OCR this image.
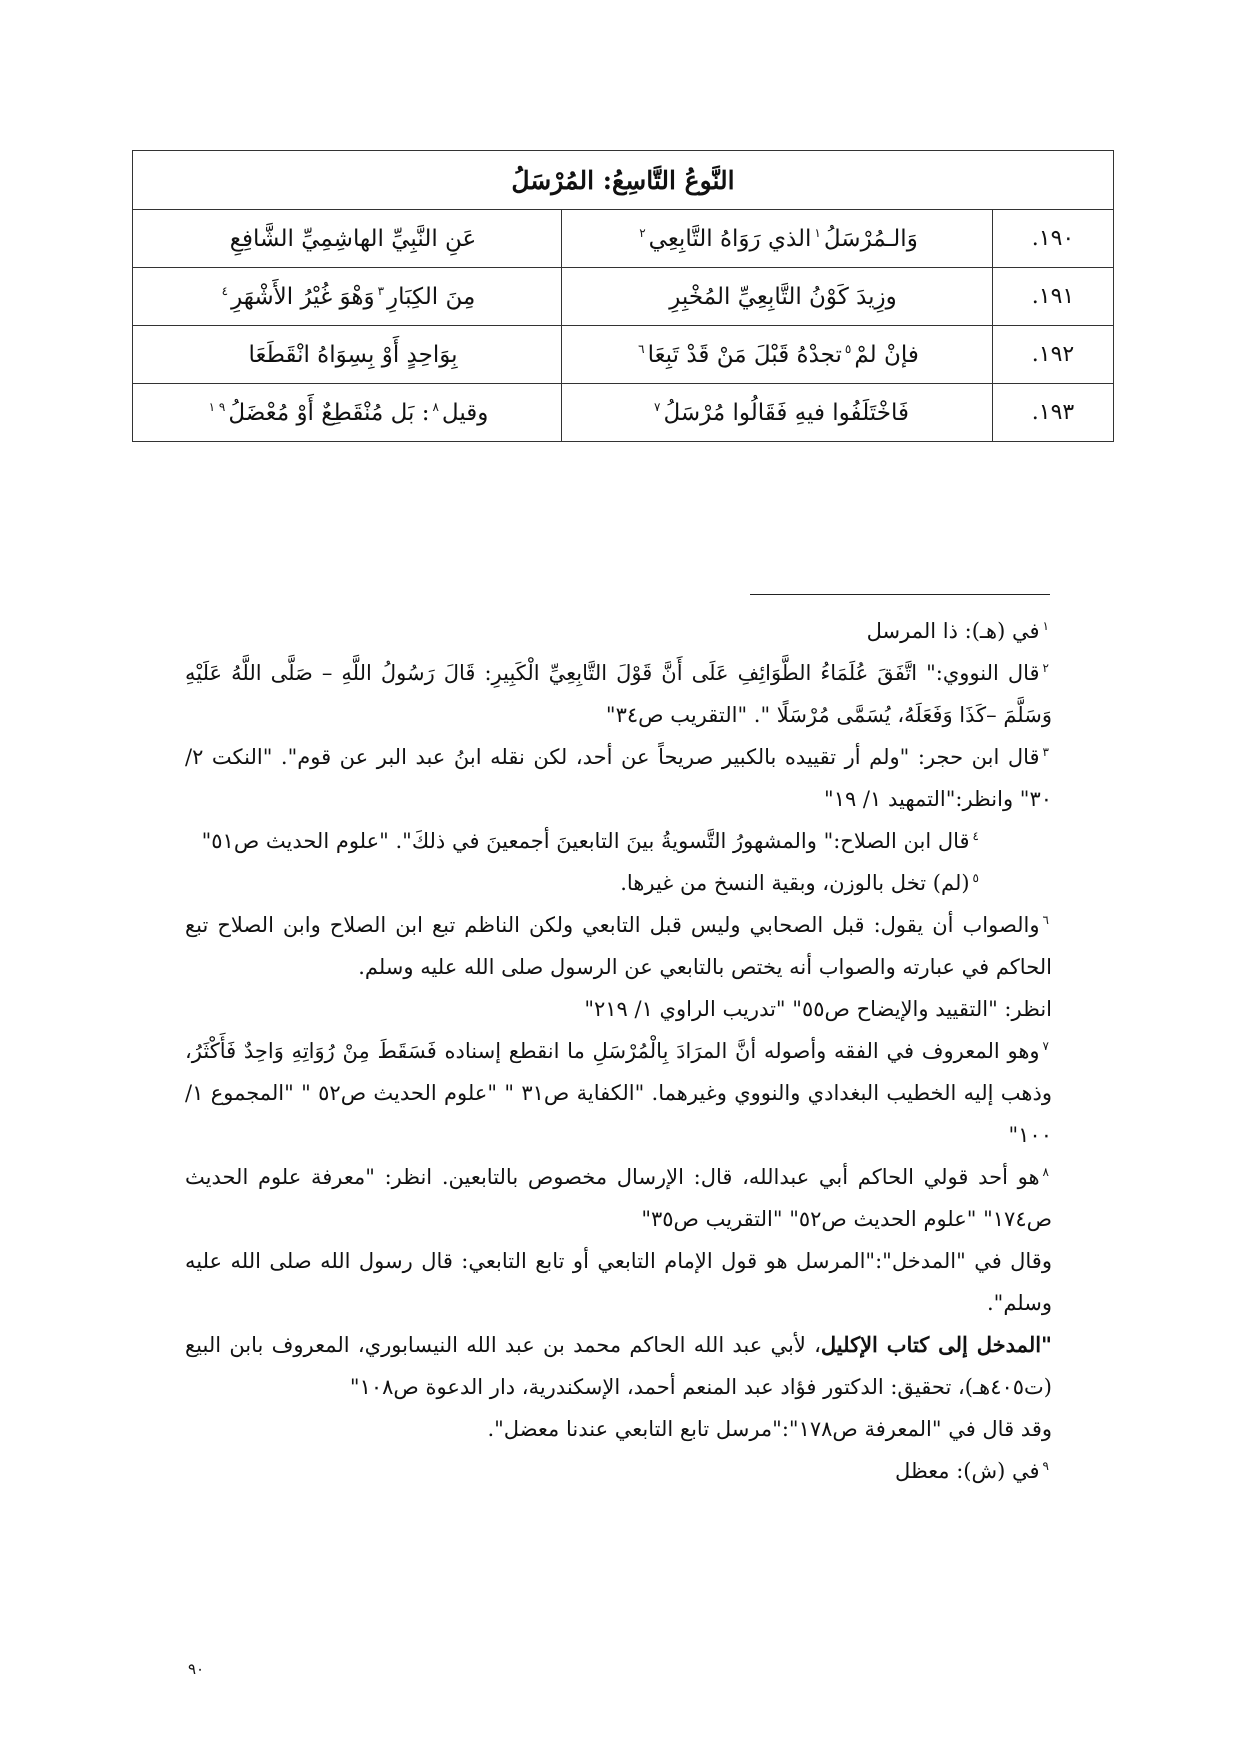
النَّوعُ التَّاسِعُ: المُرْسَلُ		
١٩٠.	وَالـمُرْسَلُ$^١$الذي رَوَاهُ التَّابِعِي$^٢$	عَنِ النَّبِيِّ الهاشِمِيِّ الشَّافِعِ
١٩١.	وزِيدَ كَوْنُ التَّابِعِيِّ المُخْبِرِ	مِنَ الكِبَارِ$^٣$وَهْوَ غُيْرُ الأَشْهَرِ$^٤$
١٩٢.	فإنْ لمْ$^٥$تجدْهُ قَبْلَ مَنْ قَدْ تَبِعَا$^٦$	بِوَاحِدٍ أَوْ بِسِوَاهُ انْقَطَعَا
١٩٣.	فَاخْتَلَفُوا فيهِ فَقَالُوا مُرْسَلُ$^٧$	وقيل$^٨$: بَل مُنْقَطِعٌ أَوْ مُعْضَلُ$^{٩ ١}$

$^١$في (هـ): ذا المرسل

$^٢$قال النووي:" اتَّفَقَ عُلَمَاءُ الطَّوَائِفِ عَلَى أَنَّ قَوْلَ التَّابِعِيِّ الْكَبِيرِ: قَالَ رَسُولُ اللَّهِ – صَلَّى اللَّهُ عَلَيْهِ وَسَلَّمَ –كَذَا وَفَعَلَهُ، يُسَمَّى مُرْسَلًا ". "التقريب ص٣٤"

$^٣$قال ابن حجر: "ولم أر تقييده بالكبير صريحاً عن أحد، لكن نقله ابنُ عبد البر عن قوم". "النكت ٢/ ٣٠" وانظر:"التمهيد ١/ ١٩"

$^٤$قال ابن الصلاح:" والمشهورُ التَّسويةُ بينَ التابعينَ أجمعينَ في ذلكَ". "علوم الحديث ص٥١"

$^٥$(لم) تخل بالوزن، وبقية النسخ من غيرها.

$^٦$والصواب أن يقول: قبل الصحابي وليس قبل التابعي ولكن الناظم تبع ابن الصلاح وابن الصلاح تبع الحاكم في عبارته والصواب أنه يختص بالتابعي عن الرسول صلى الله عليه وسلم.

انظر: "التقييد والإيضاح ص٥٥" "تدريب الراوي ١/ ٢١٩"

$^٧$وهو المعروف في الفقه وأصوله أنَّ المرَادَ بِالْمُرْسَلِ ما انقطع إسناده فَسَقَطَ مِنْ رُوَاتِهِ وَاحِدٌ فَأَكْثَرُ، وذهب إليه الخطيب البغدادي والنووي وغيرهما. "الكفاية ص٣١ " "علوم الحديث ص٥٢ " "المجموع ١/ ١٠٠"

$^٨$هو أحد قولي الحاكم أبي عبدالله، قال: الإرسال مخصوص بالتابعين. انظر: "معرفة علوم الحديث ص١٧٤" "علوم الحديث ص٥٢" "التقريب ص٣٥"

وقال في "المدخل":"المرسل هو قول الإمام التابعي أو تابع التابعي: قال رسول الله صلى الله عليه وسلم".

"المدخل إلى كتاب الإكليل، لأبي عبد الله الحاكم محمد بن عبد الله النيسابوري، المعروف بابن البيع (ت٤٠٥هـ)، تحقيق: الدكتور فؤاد عبد المنعم أحمد، الإسكندرية، دار الدعوة ص١٠٨"

وقد قال في "المعرفة ص١٧٨":"مرسل تابع التابعي عندنا معضل".

$^٩$في (ش): معظل

٩٠
